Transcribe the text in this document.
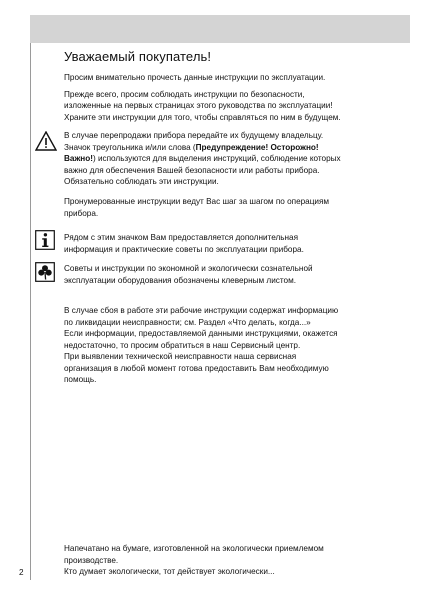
2
Уважаемый покупатель!
Просим внимательно прочесть данные инструкции по эксплуатации.
Прежде всего, просим соблюдать инструкции по безопасности,
изложенные на первых страницах этого руководства по эксплуатации!
Храните эти инструкции для того, чтобы справляться по ним в будущем.
В случае перепродажи прибора передайте их будущему владельцу.
Значок треугольника и/или слова (Предупреждение! Осторожно!
Важно!) используются для выделения инструкций, соблюдение которых
важно для обеспечения Вашей безопасности или работы прибора.
Обязательно соблюдать эти инструкции.
Пронумерованные инструкции ведут Вас шаг за шагом по операциям
прибора.
Рядом с этим значком Вам предоставляется дополнительная
информация и практические советы по эксплуатации прибора.
Советы и инструкции по экономной и экологически сознательной
эксплуатации оборудования обозначены клеверным листом.
В случае сбоя в работе эти рабочие инструкции содержат информацию
по ликвидации неисправности; см. Раздел «Что делать, когда...»
Если информации, предоставляемой данными инструкциями, окажется
недостаточно, то просим обратиться в наш Сервисный центр.
При выявлении технической неисправности наша сервисная
организация в любой момент готова предоставить Вам необходимую
помощь.
Напечатано на бумаге, изготовленной на экологически приемлемом
производстве.
Кто думает экологически, тот действует экологически...
